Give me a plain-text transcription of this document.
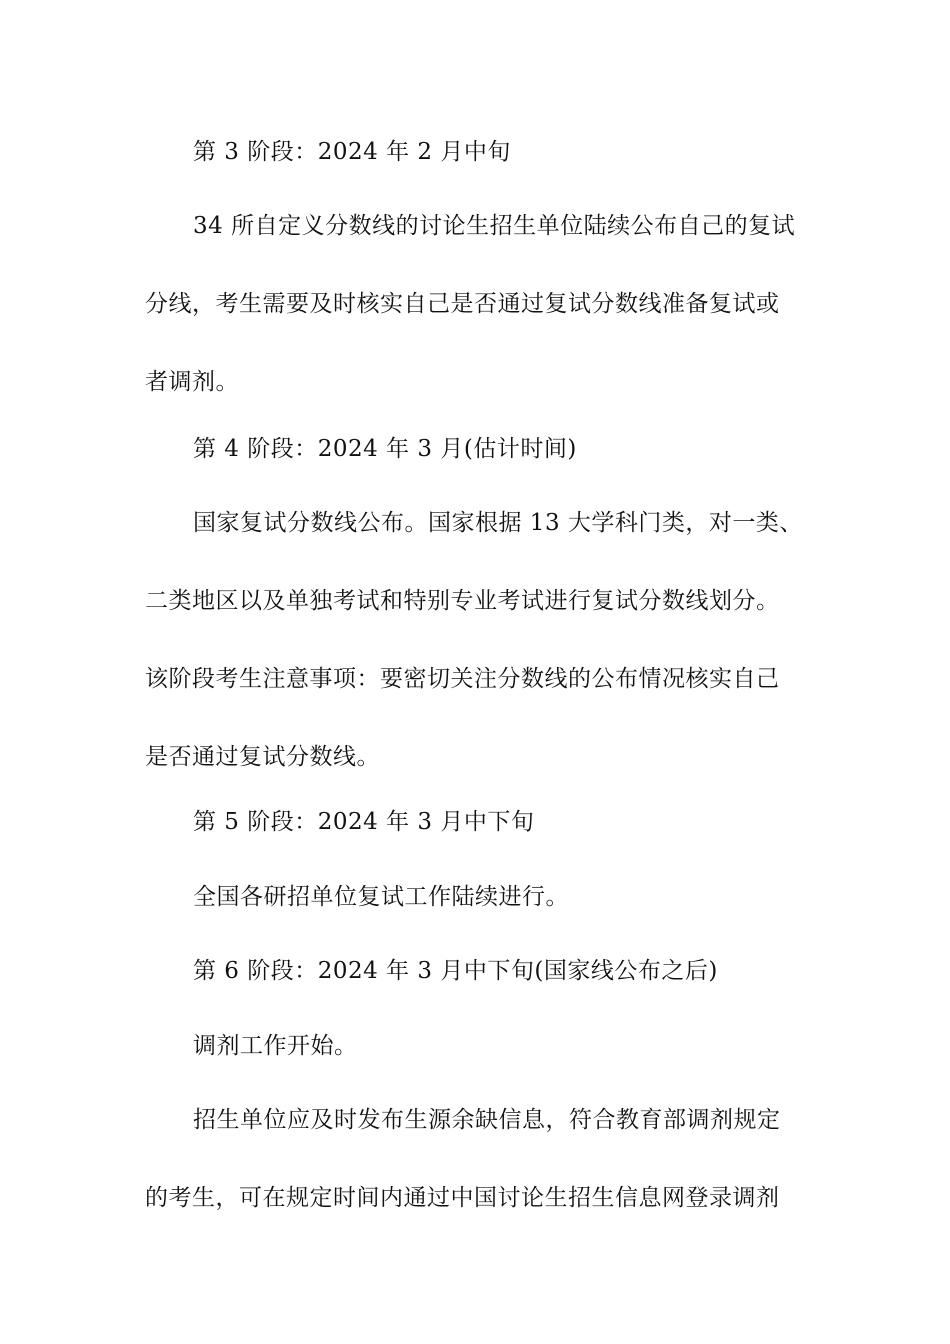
第 3 阶段：2024 年 2 月中旬
34 所自定义分数线的讨论生招生单位陆续公布自己的复试
分线，考生需要及时核实自己是否通过复试分数线准备复试或
者调剂。
第 4 阶段：2024 年 3 月(估计时间)
国家复试分数线公布。国家根据 13 大学科门类，对一类、
二类地区以及单独考试和特别专业考试进行复试分数线划分。
该阶段考生注意事项：要密切关注分数线的公布情况核实自己
是否通过复试分数线。
第 5 阶段：2024 年 3 月中下旬
全国各研招单位复试工作陆续进行。
第 6 阶段：2024 年 3 月中下旬(国家线公布之后)
调剂工作开始。
招生单位应及时发布生源余缺信息，符合教育部调剂规定
的考生，可在规定时间内通过中国讨论生招生信息网登录调剂
